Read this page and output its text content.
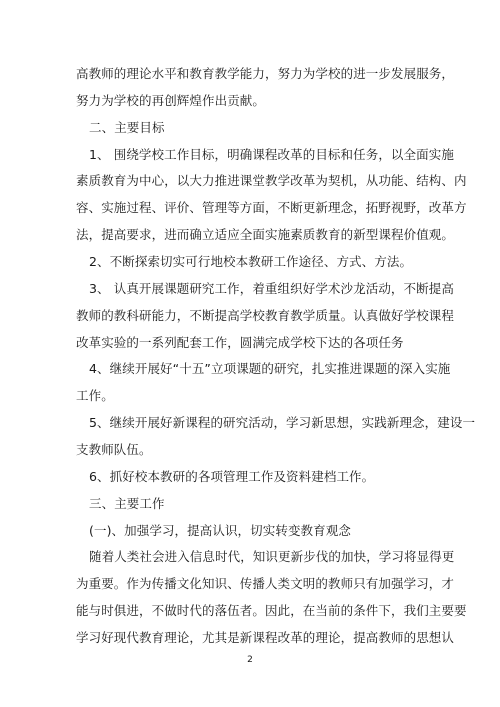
高教师的理论水平和教育教学能力，努力为学校的进一步发展服务，
努力为学校的再创辉煌作出贡献。
二、主要目标
1、 围绕学校工作目标，明确课程改革的目标和任务，以全面实施
素质教育为中心，以大力推进课堂教学改革为契机，从功能、结构、内
容、实施过程、评价、管理等方面，不断更新理念，拓野视野，改革方
法，提高要求，进而确立适应全面实施素质教育的新型课程价值观。
2、不断探索切实可行地校本教研工作途径、方式、方法。
3、 认真开展课题研究工作，着重组织好学术沙龙活动，不断提高
教师的教科研能力，不断提高学校教育教学质量。认真做好学校课程
改革实验的一系列配套工作，圆满完成学校下达的各项任务
4、继续开展好“十五”立项课题的研究，扎实推进课题的深入实施
工作。
5、继续开展好新课程的研究活动，学习新思想，实践新理念，建设一
支教师队伍。
6、抓好校本教研的各项管理工作及资料建档工作。
三、主要工作
(一)、加强学习，提高认识，切实转变教育观念
随着人类社会进入信息时代，知识更新步伐的加快，学习将显得更
为重要。作为传播文化知识、传播人类文明的教师只有加强学习，才
2
能与时俱进，不做时代的落伍者。因此，在当前的条件下，我们主要要
学习好现代教育理论，尤其是新课程改革的理论，提高教师的思想认
